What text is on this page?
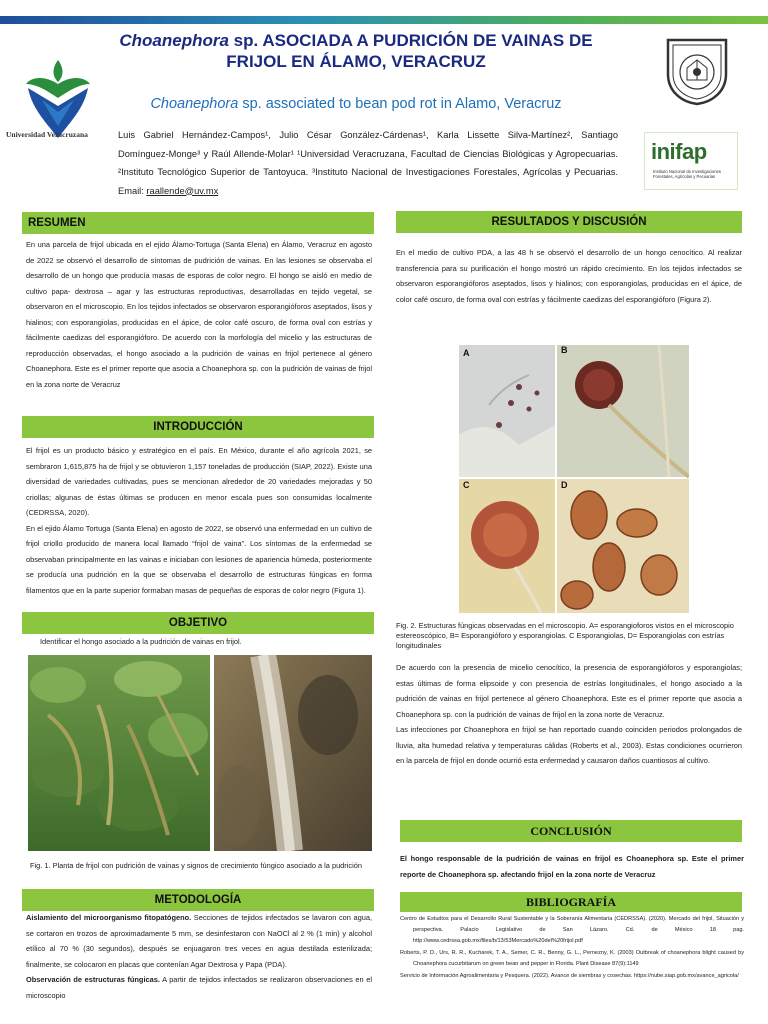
Universidad Veracruzana
Choanephora sp. ASOCIADA A PUDRICIÓN DE VAINAS DE FRIJOL EN ÁLAMO, VERACRUZ
Choanephora sp. associated to bean pod rot in Alamo, Veracruz
Luis Gabriel Hernández-Campos¹, Julio César González-Cárdenas¹, Karla Lissette Silva-Martínez², Santiago Domínguez-Monge³ y Raúl Allende-Molar¹ ¹Universidad Veracruzana, Facultad de Ciencias Biológicas y Agropecuarias. ²Instituto Tecnológico Superior de Tantoyuca. ³Instituto Nacional de Investigaciones Forestales, Agrícolas y Pecuarias. Email: raallende@uv.mx
inifap
Instituto Nacional de Investigaciones Forestales, Agrícolas y Pecuarias
RESUMEN

En una parcela de frijol ubicada en el ejido Álamo-Tortuga (Santa Elena) en Álamo, Veracruz en agosto de 2022 se observó el desarrollo de síntomas de pudrición de vainas. En las lesiones se observaba el desarrollo de un hongo que producía masas de esporas de color negro. El hongo se aisló en medio de cultivo papa- dextrosa – agar y las estructuras reproductivas, desarrolladas en tejido vegetal, se observaron en el microscopio. En los tejidos infectados se observaron esporangióforos aseptados, lisos y hialinos; con esporangiolas, producidas en el ápice, de color café oscuro, de forma oval con estrías y fácilmente caedizas del esporangióforo. De acuerdo con la morfología del micelio y las estructuras de reproducción observadas, el hongo asociado a la pudrición de vainas en frijol pertenece al género Choanephora. Este es el primer reporte que asocia a Choanephora sp. con la pudrición de vainas de frijol en la zona norte de Veracruz

INTRODUCCIÓN

El frijol es un producto básico y estratégico en el país. En México, durante el año agrícola 2021, se sembraron 1,615,875 ha de frijol y se obtuvieron 1,157 toneladas de producción (SIAP, 2022). Existe una diversidad de variedades cultivadas, pues se mencionan alrededor de 20 variedades mejoradas y 50 criollas; algunas de éstas últimas se producen en menor escala pues son consumidas localmente (CEDRSSA, 2020).

En el ejido Álamo Tortuga (Santa Elena) en agosto de 2022, se observó una enfermedad en un cultivo de frijol criollo producido de manera local llamado “frijol de vaina”. Los síntomas de la enfermedad se observaban principalmente en las vainas e iniciaban con lesiones de apariencia húmeda, posteriormente se producía una pudrición en la que se observaba el desarrollo de estructuras fúngicas en forma filamentos que en la parte superior formaban masas de pequeñas de esporas de color negro (Figura 1).

OBJETIVO

Identificar el hongo asociado a la pudrición de vainas en frijol.

Fig. 1. Planta de frijol con pudrición de vainas y signos de crecimiento fúngico asociado a la pudrición
METODOLOGÍA

Aislamiento del microorganismo fitopatógeno. Secciones de tejidos infectados se lavaron con agua, se cortaron en trozos de aproximadamente 5 mm, se desinfestaron con NaOCl al 2 % (1 min) y alcohol etílico al 70 % (30 segundos), después se enjuagaron tres veces en agua destilada esterilizada; finalmente, se colocaron en placas que contenían Agar Dextrosa y Papa (PDA).

Observación de estructuras fúngicas. A partir de tejidos infectados se realizaron observaciones en el microscopio

RESULTADOS Y DISCUSIÓN

En el medio de cultivo PDA, a las 48 h se observó el desarrollo de un hongo cenocítico. Al realizar transferencia para su purificación el hongo mostró un rápido crecimiento. En los tejidos infectados se observaron esporangióforos aseptados, lisos y hialinos; con esporangiolas, producidas en el ápice, de color café oscuro, de forma oval con estrías y fácilmente caedizas del esporangióforo (Figura 2).

A	B
C	D
Fig. 2. Estructuras fúngicas observadas en el microscopio. A= esporangioforos vistos en el microscopio estereoscópico, B= Esporangióforo y esporangiolas. C Esporangiolas, D= Esporangiolas con estrías longitudinales

De acuerdo con la presencia de micelio cenocítico, la presencia de esporangióforos y esporangiolas; estas últimas de forma elipsoide y con presencia de estrías longitudinales, el hongo asociado a la pudrición de vainas en frijol pertenece al género Choanephora. Este es el primer reporte que asocia a Choanephora sp. con la pudrición de vainas de frijol en la zona norte de Veracruz.

Las infecciones por Choanephora en frijol se han reportado cuando coinciden periodos prolongados de lluvia, alta humedad relativa y temperaturas cálidas (Roberts et al., 2003). Estas condiciones ocurrieron en la parcela de frijol en donde ocurrió esta enfermedad y causaron daños cuantiosos al cultivo.

CONCLUSIÓN

El hongo responsable de la pudrición de vainas en frijol es Choanephora sp. Este el primer reporte de Choanephora sp. afectando frijol en la zona norte de Veracruz

BIBLIOGRAFÍA

Centro de Estudios para el Desarrollo Rural Sustentable y la Soberanía Alimentaria (CEDRSSA). (2020). Mercado del frijol, Situación y perspectiva. Palacio Legislativo de San Lázaro. Cd. de México 18 pag. http://www.cedrssa.gob.mx/files/b/13/53Mercado%20del%20frijol.pdf

Roberts, P. D., Urs, R. R., Kucharek, T. A., Semer, C. R., Benny, G. L., Pernezny, K. (2003) Outbreak of choanephora blight caused by Choanephora cucurbitarum on green bean and pepper in Florida. Plant Disease 87(9):1149

Servicio de Información Agroalimentaria y Pesquera. (2022). Avance de siembras y cosechas. https://nube.siap.gob.mx/avance_agricola/
